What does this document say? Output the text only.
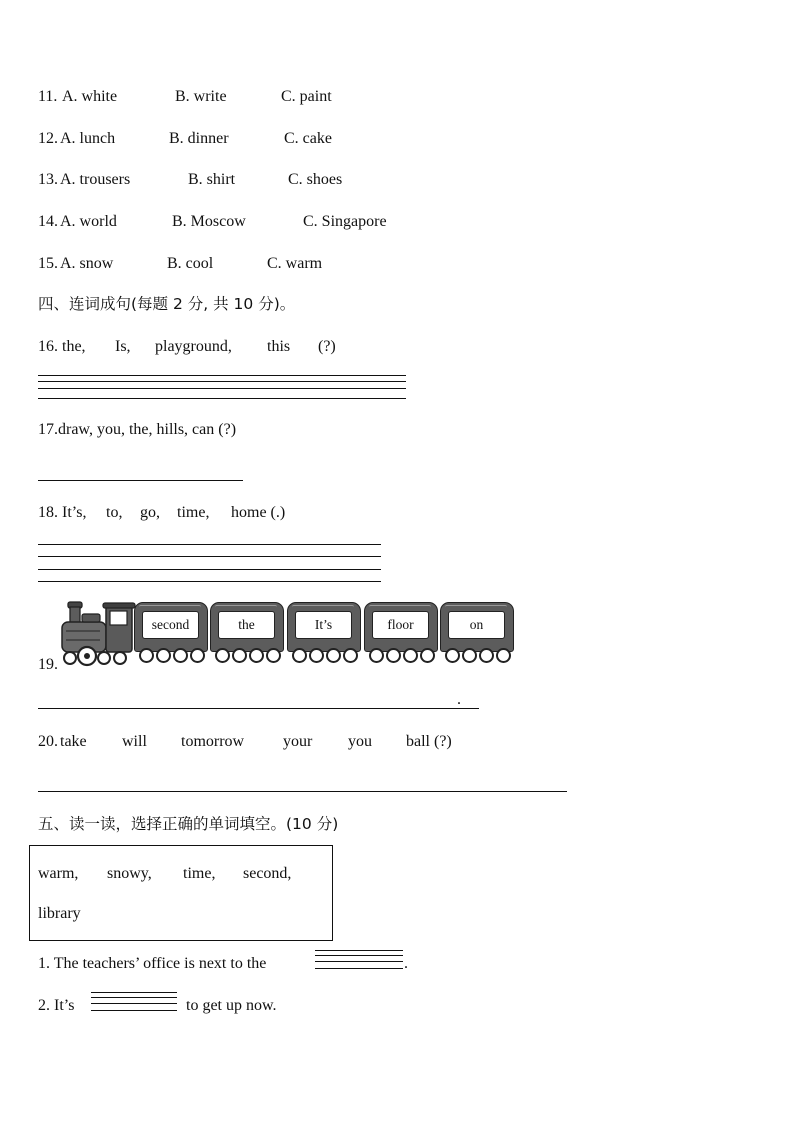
11. A. white	B. write	C. paint
12. A. lunch	B. dinner	C. cake
13. A. trousers	B. shirt	C. shoes
14. A. world	B. Moscow	C. Singapore
15. A. snow	B. cool	C. warm
四、连词成句(每题 2 分, 共 10 分)。
16. the, Is, playground, this (?)
17.draw, you, the, hills, can (?)
18. It’s, to, go, time, home (.)
19.
second	the	It’s	floor	on
.
20. take will tomorrow your you ball (?)
五、读一读，选择正确的单词填空。(10 分)
warm, snowy, time, second,
library
1. The teachers’ office is next to the	.
2. It’s	to get up now.
